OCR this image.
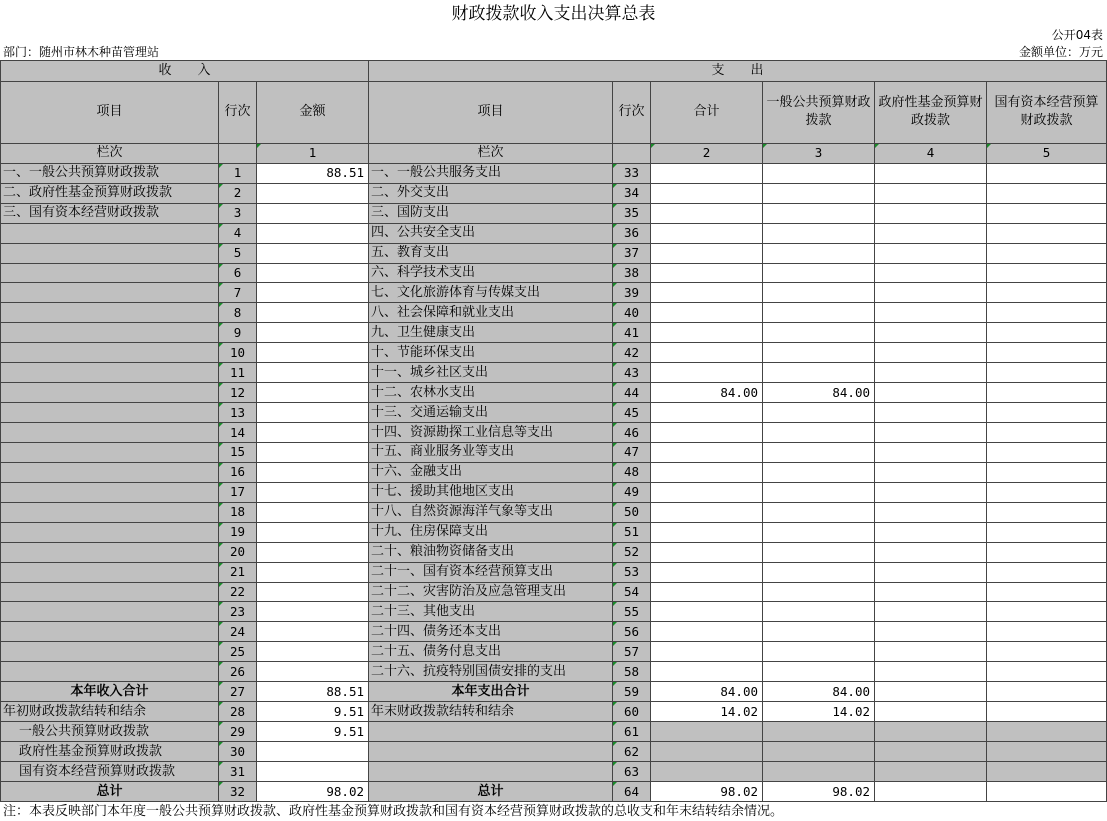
财政拨款收入支出决算总表
公开04表
部门：随州市林木种苗管理站	金额单位：万元
收　　入			支　　出					
项目	行次	金额	项目	行次	合计	一般公共预算财政拨款	政府性基金预算财政拨款	国有资本经营预算财政拨款
栏次		1	栏次		2	3	4	5
一、一般公共预算财政拨款	1	88.51	一、一般公共服务支出	33				
二、政府性基金预算财政拨款	2		二、外交支出	34				
三、国有资本经营财政拨款	3		三、国防支出	35				
	4		四、公共安全支出	36				
	5		五、教育支出	37				
	6		六、科学技术支出	38				
	7		七、文化旅游体育与传媒支出	39				
	8		八、社会保障和就业支出	40				
	9		九、卫生健康支出	41				
	10		十、节能环保支出	42				
	11		十一、城乡社区支出	43				
	12		十二、农林水支出	44	84.00	84.00		
	13		十三、交通运输支出	45				
	14		十四、资源勘探工业信息等支出	46				
	15		十五、商业服务业等支出	47				
	16		十六、金融支出	48				
	17		十七、援助其他地区支出	49				
	18		十八、自然资源海洋气象等支出	50				
	19		十九、住房保障支出	51				
	20		二十、粮油物资储备支出	52				
	21		二十一、国有资本经营预算支出	53				
	22		二十二、灾害防治及应急管理支出	54				
	23		二十三、其他支出	55				
	24		二十四、债务还本支出	56				
	25		二十五、债务付息支出	57				
	26		二十六、抗疫特别国债安排的支出	58				
本年收入合计	27	88.51	本年支出合计	59	84.00	84.00		
年初财政拨款结转和结余	28	9.51	年末财政拨款结转和结余	60	14.02	14.02		
一般公共预算财政拨款	29	9.51		61				
政府性基金预算财政拨款	30			62				
国有资本经营预算财政拨款	31			63				
总计	32	98.02	总计	64	98.02	98.02		
注：本表反映部门本年度一般公共预算财政拨款、政府性基金预算财政拨款和国有资本经营预算财政拨款的总收支和年末结转结余情况。
